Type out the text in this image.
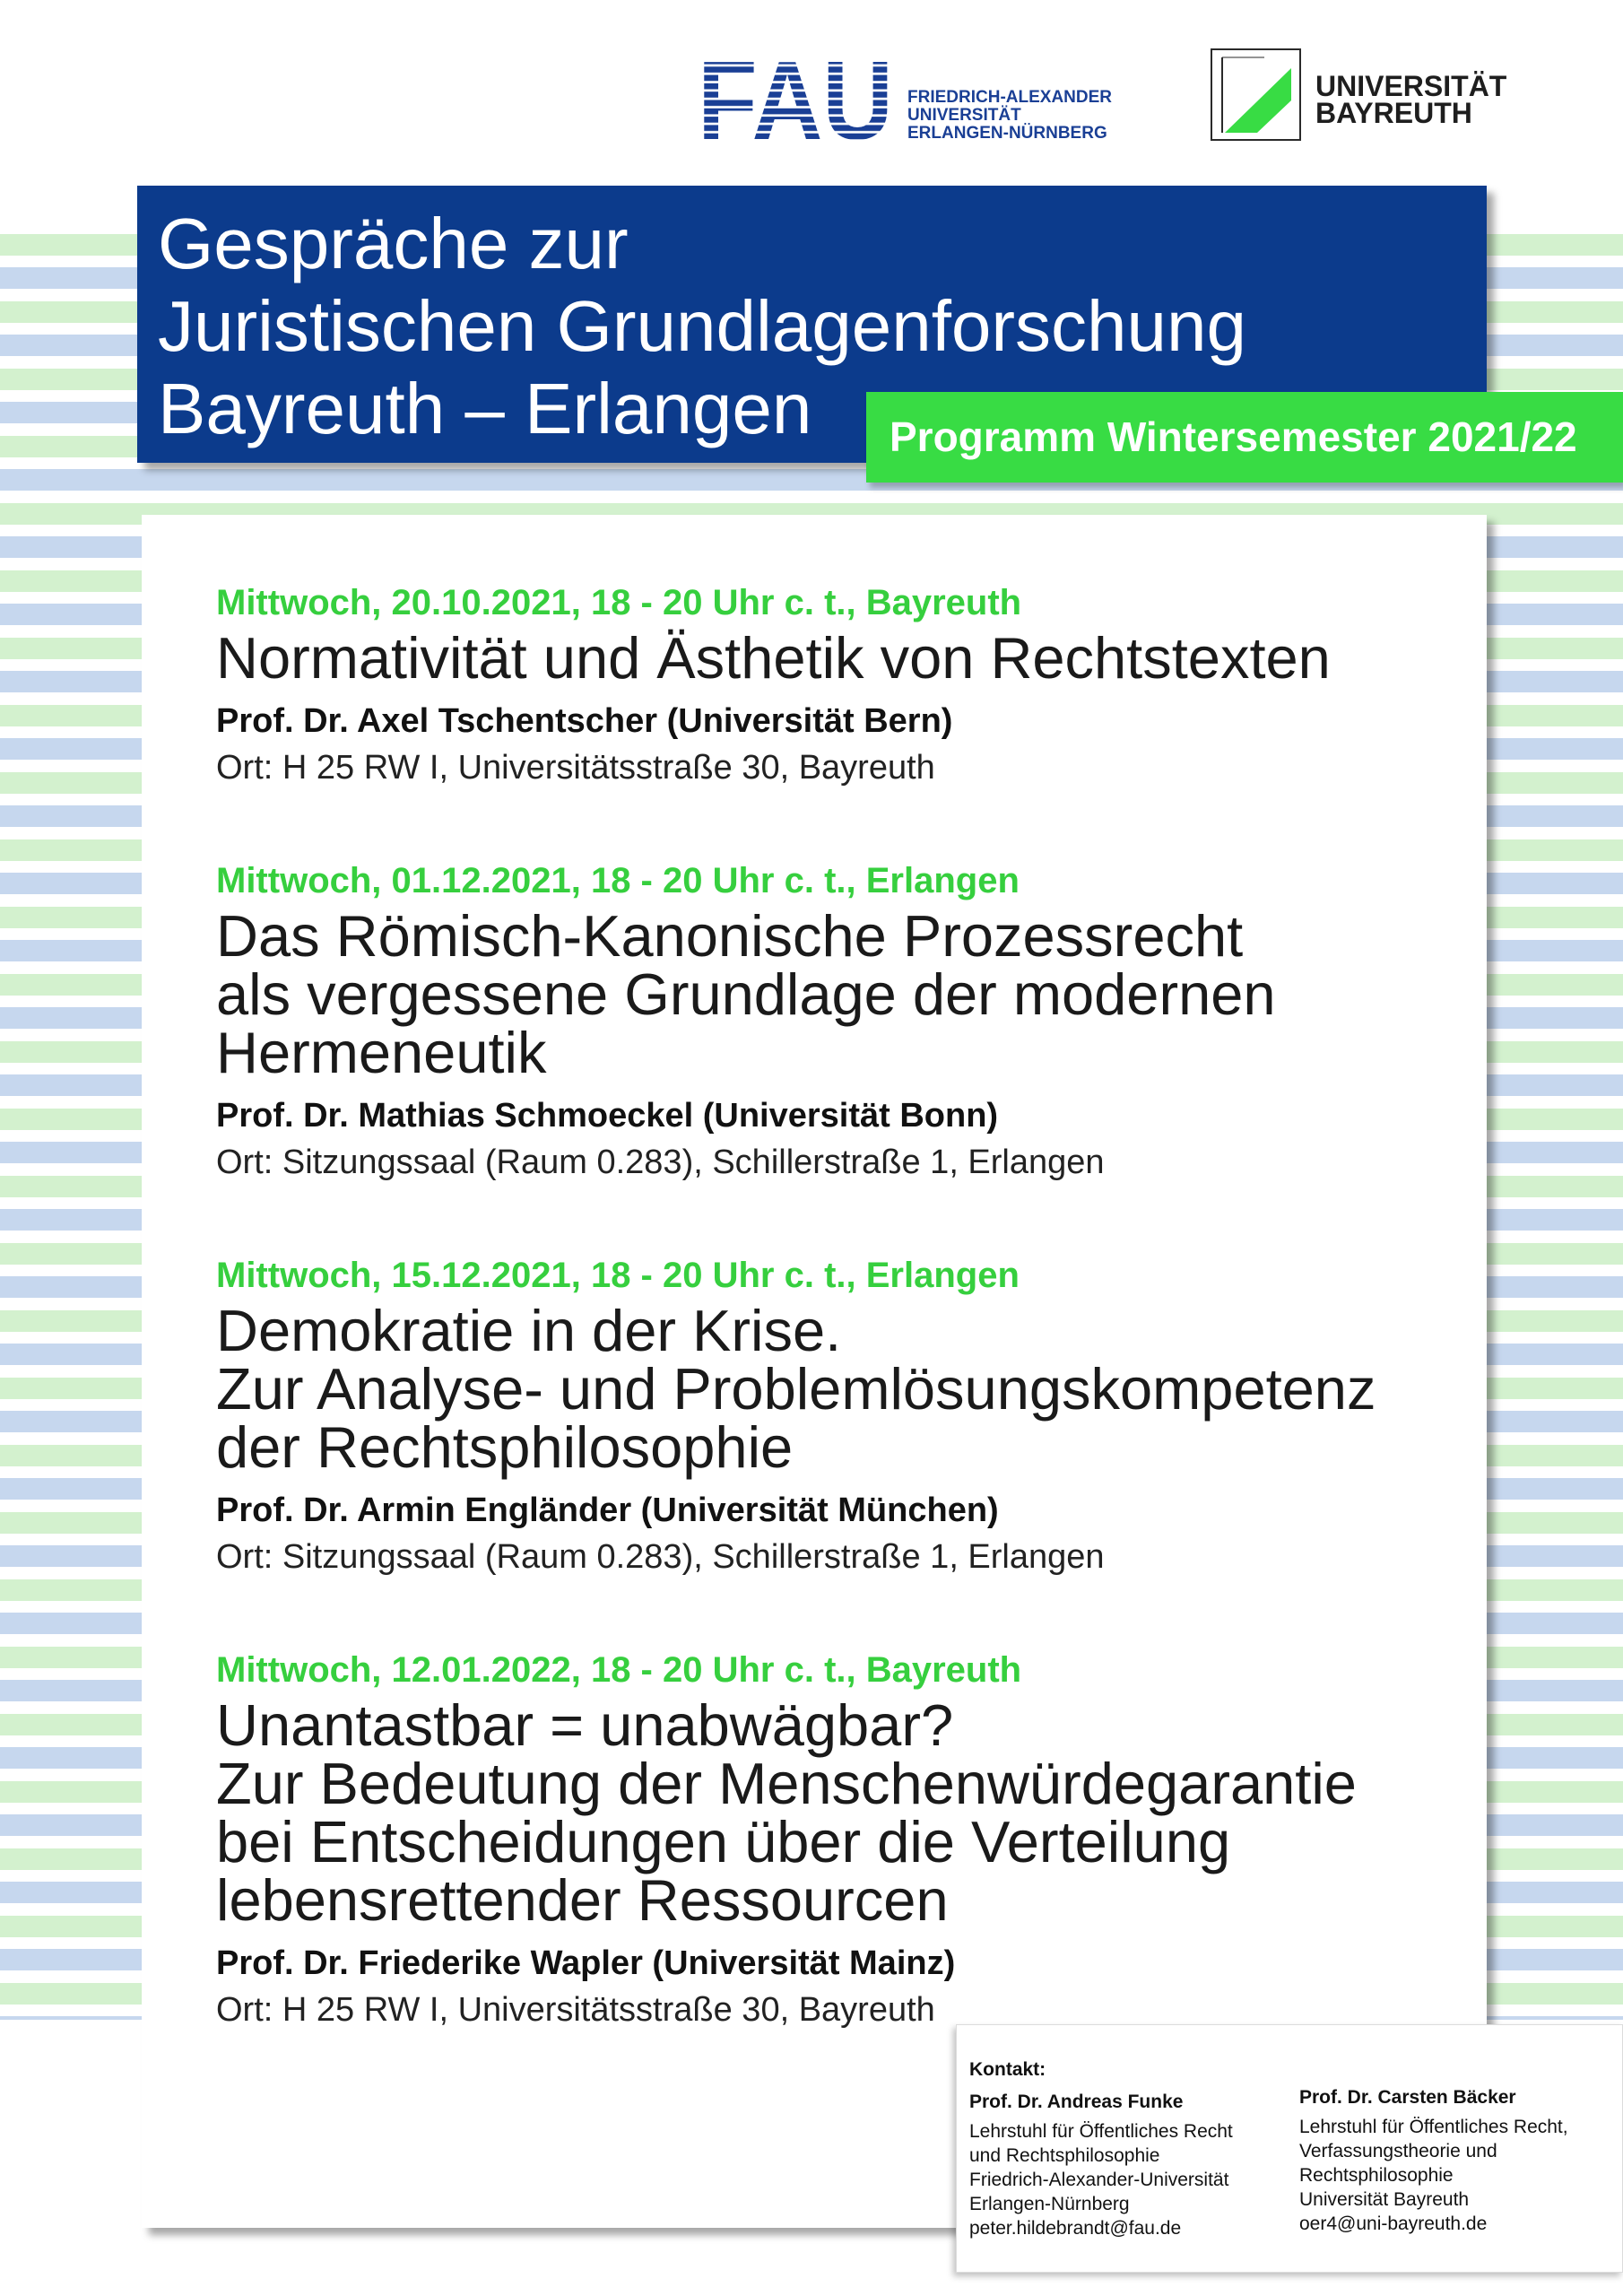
FAU FRIEDRICH-ALEXANDER
UNIVERSITÄT
ERLANGEN-NÜRNBERG
UNIVERSITÄT
BAYREUTH
Gespräche zur
Juristischen Grundlagenforschung
Bayreuth – Erlangen	Programm Wintersemester 2021/22
Mittwoch, 20.10.2021, 18 - 20 Uhr c. t., Bayreuth
Normativität und Ästhetik von Rechtstexten
Prof. Dr. Axel Tschentscher (Universität Bern)
Ort: H 25 RW I, Universitätsstraße 30, Bayreuth
Mittwoch, 01.12.2021, 18 - 20 Uhr c. t., Erlangen
Das Römisch-Kanonische Prozessrecht
als vergessene Grundlage der modernen
Hermeneutik
Prof. Dr. Mathias Schmoeckel (Universität Bonn)
Ort: Sitzungssaal (Raum 0.283), Schillerstraße 1, Erlangen
Mittwoch, 15.12.2021, 18 - 20 Uhr c. t., Erlangen
Demokratie in der Krise.
Zur Analyse- und Problemlösungskompetenz
der Rechtsphilosophie
Prof. Dr. Armin Engländer (Universität München)
Ort: Sitzungssaal (Raum 0.283), Schillerstraße 1, Erlangen
Mittwoch, 12.01.2022, 18 - 20 Uhr c. t., Bayreuth
Unantastbar = unabwägbar?
Zur Bedeutung der Menschenwürdegarantie
bei Entscheidungen über die Verteilung
lebensrettender Ressourcen
Prof. Dr. Friederike Wapler (Universität Mainz)
Ort: H 25 RW I, Universitätsstraße 30, Bayreuth
Kontakt:
Prof. Dr. Andreas Funke
Lehrstuhl für Öffentliches Recht
und Rechtsphilosophie
Friedrich-Alexander-Universität
Erlangen-Nürnberg
peter.hildebrandt@fau.de
Prof. Dr. Carsten Bäcker
Lehrstuhl für Öffentliches Recht,
Verfassungstheorie und
Rechtsphilosophie
Universität Bayreuth
oer4@uni-bayreuth.de
